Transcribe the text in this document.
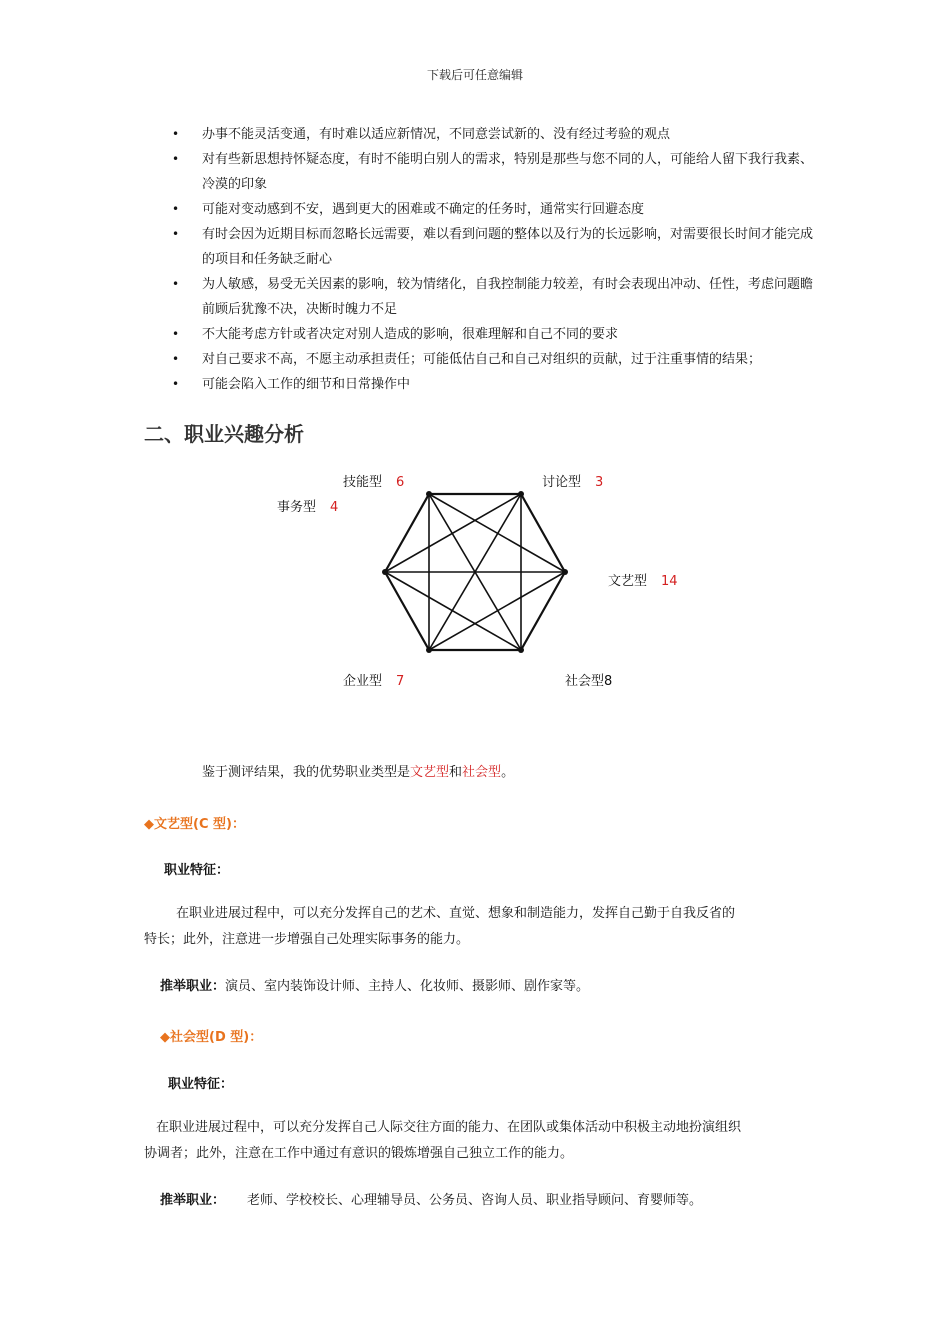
下载后可任意编辑
• 办事不能灵活变通，有时难以适应新情况，不同意尝试新的、没有经过考验的观点
• 对有些新思想持怀疑态度，有时不能明白别人的需求，特别是那些与您不同的人，可能给人留下我行我素、冷漠的印象
• 可能对变动感到不安，遇到更大的困难或不确定的任务时，通常实行回避态度
• 有时会因为近期目标而忽略长远需要，难以看到问题的整体以及行为的长远影响，对需要很长时间才能完成的项目和任务缺乏耐心
• 为人敏感，易受无关因素的影响，较为情绪化，自我控制能力较差，有时会表现出冲动、任性，考虑问题瞻前顾后犹豫不决，决断时魄力不足
• 不大能考虑方针或者决定对别人造成的影响，很难理解和自己不同的要求
• 对自己要求不高，不愿主动承担责任；可能低估自己和自己对组织的贡献，过于注重事情的结果；
• 可能会陷入工作的细节和日常操作中
二、职业兴趣分析
技能型 6	讨论型 3
文艺型 14
社会型8
企业型 7
事务型 4
鉴于测评结果，我的优势职业类型是文艺型和社会型。
◆文艺型(C 型)：
职业特征：
在职业进展过程中，可以充分发挥自己的艺术、直觉、想象和制造能力，发挥自己勤于自我反省的
特长；此外，注意进一步增强自己处理实际事务的能力。
推举职业：演员、室内装饰设计师、主持人、化妆师、摄影师、剧作家等。
◆社会型(D 型)：
职业特征：
在职业进展过程中，可以充分发挥自己人际交往方面的能力、在团队或集体活动中积极主动地扮演组织
协调者；此外，注意在工作中通过有意识的锻炼增强自己独立工作的能力。
推举职业： 老师、学校校长、心理辅导员、公务员、咨询人员、职业指导顾问、育婴师等。
